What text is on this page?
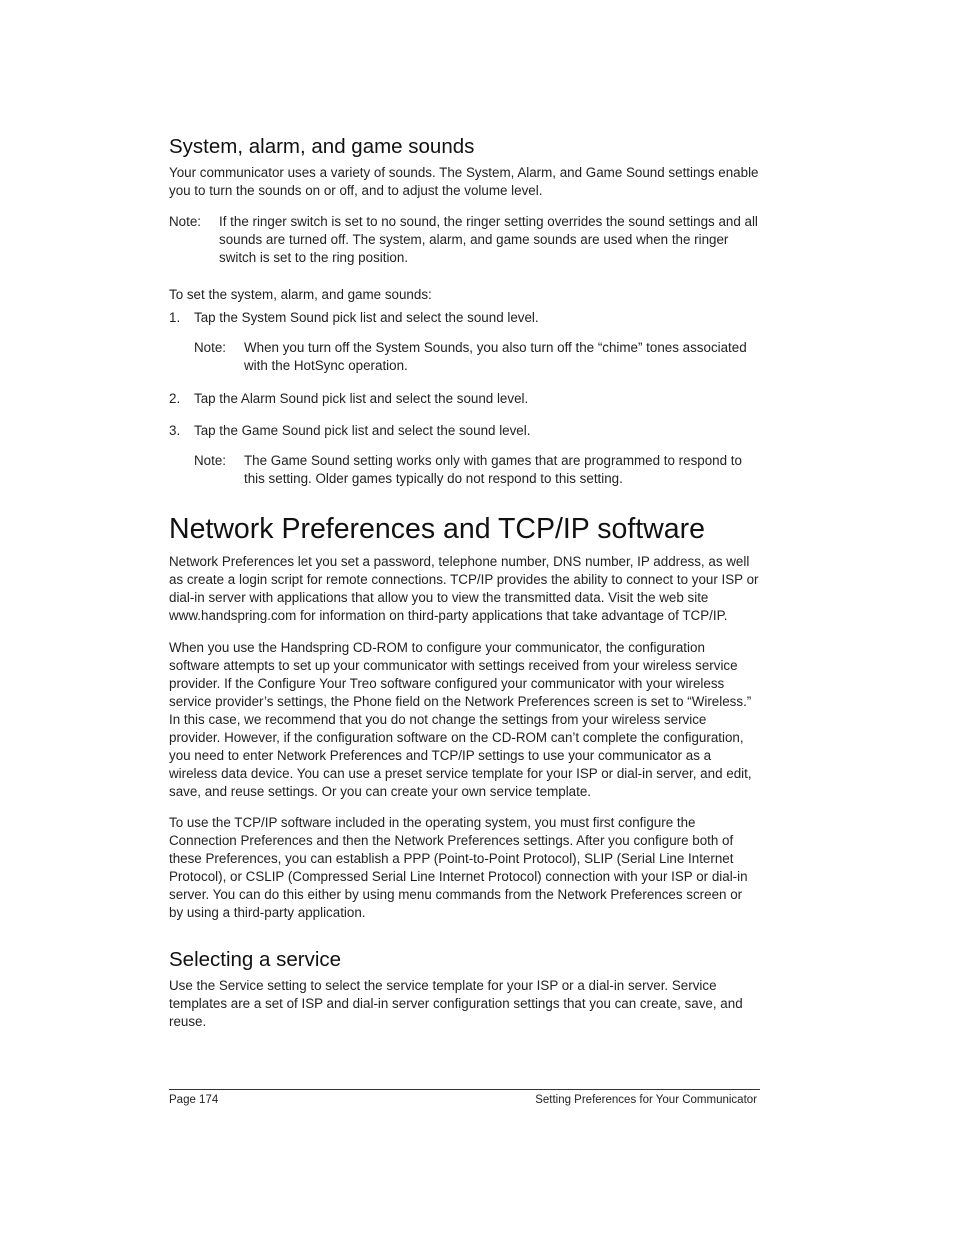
System, alarm, and game sounds

Your communicator uses a variety of sounds. The System, Alarm, and Game Sound settings enable you to turn the sounds on or off, and to adjust the volume level.

Note: If the ringer switch is set to no sound, the ringer setting overrides the sound settings and all sounds are turned off. The system, alarm, and game sounds are used when the ringer switch is set to the ring position.
To set the system, alarm, and game sounds:
1. Tap the System Sound pick list and select the sound level.
Note: When you turn off the System Sounds, you also turn off the “chime” tones associated with the HotSync operation.
2. Tap the Alarm Sound pick list and select the sound level.
3. Tap the Game Sound pick list and select the sound level.
Note: The Game Sound setting works only with games that are programmed to respond to this setting. Older games typically do not respond to this setting.
Network Preferences and TCP/IP software

Network Preferences let you set a password, telephone number, DNS number, IP address, as well as create a login script for remote connections. TCP/IP provides the ability to connect to your ISP or dial-in server with applications that allow you to view the transmitted data. Visit the web site www.handspring.com for information on third-party applications that take advantage of TCP/IP.

When you use the Handspring CD-ROM to configure your communicator, the configuration software attempts to set up your communicator with settings received from your wireless service provider. If the Configure Your Treo software configured your communicator with your wireless service provider’s settings, the Phone field on the Network Preferences screen is set to “Wireless.” In this case, we recommend that you do not change the settings from your wireless service provider. However, if the configuration software on the CD-ROM can’t complete the configuration, you need to enter Network Preferences and TCP/IP settings to use your communicator as a wireless data device. You can use a preset service template for your ISP or dial-in server, and edit, save, and reuse settings. Or you can create your own service template.

To use the TCP/IP software included in the operating system, you must first configure the Connection Preferences and then the Network Preferences settings. After you configure both of these Preferences, you can establish a PPP (Point-to-Point Protocol), SLIP (Serial Line Internet Protocol), or CSLIP (Compressed Serial Line Internet Protocol) connection with your ISP or dial-in server. You can do this either by using menu commands from the Network Preferences screen or by using a third-party application.

Selecting a service

Use the Service setting to select the service template for your ISP or a dial-in server. Service templates are a set of ISP and dial-in server configuration settings that you can create, save, and reuse.

Page 174	Setting Preferences for Your Communicator
